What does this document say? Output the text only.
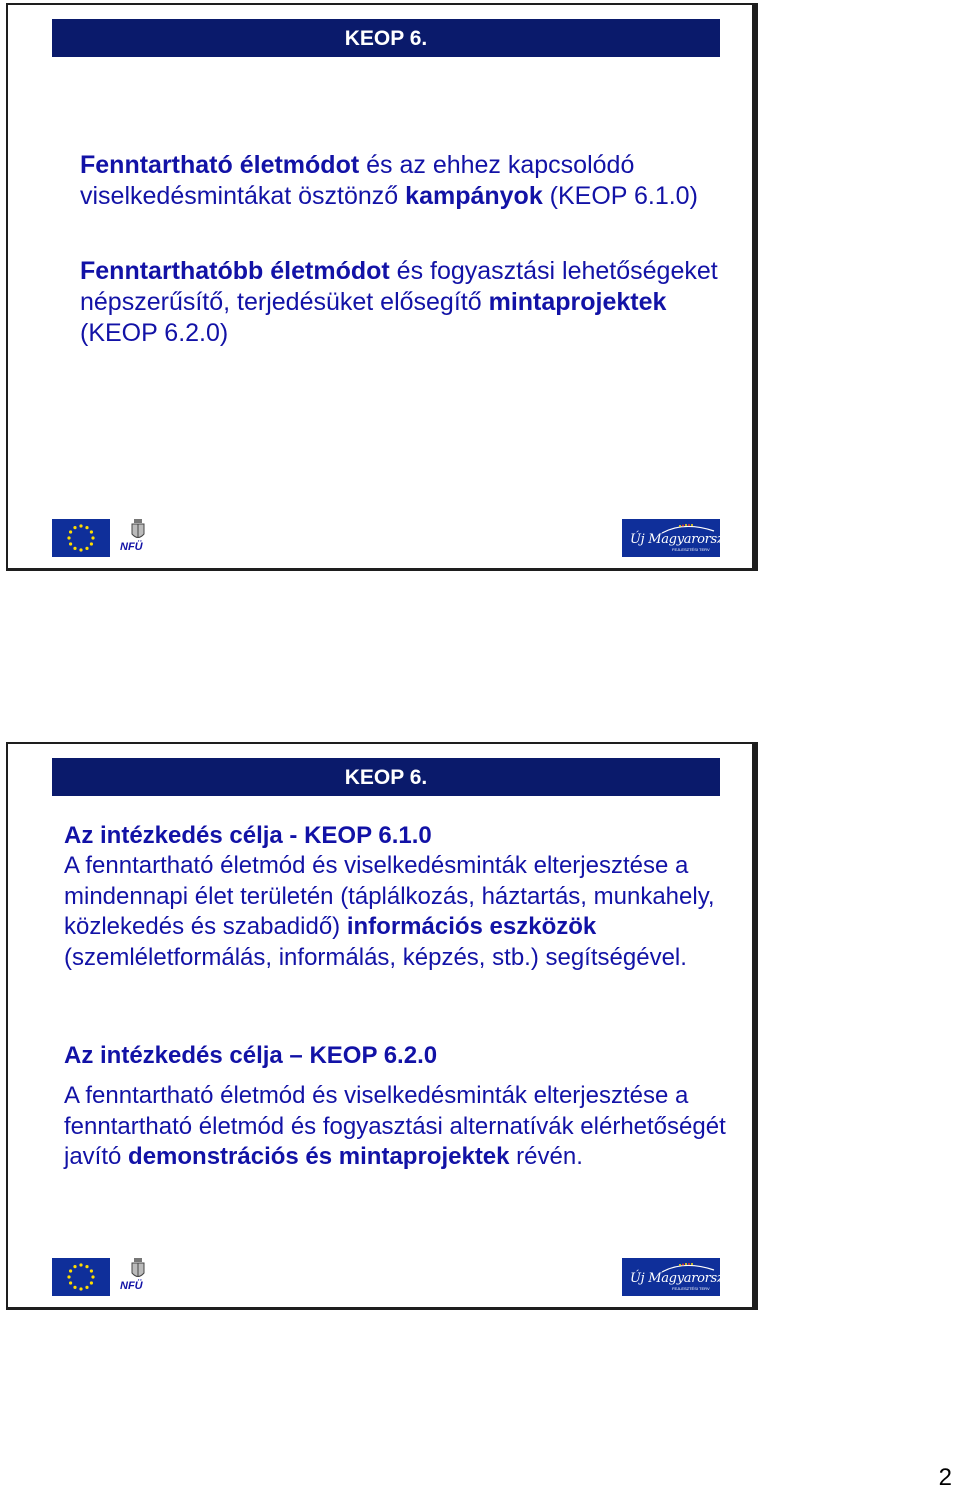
KEOP 6.

Fenntartható életmódot és az ehhez kapcsolódó viselkedésmintákat ösztönző kampányok (KEOP 6.1.0)

Fenntarthatóbb életmódot és fogyasztási lehetőségeket népszerűsítő, terjedésüket elősegítő mintaprojektek (KEOP 6.2.0)

NFÜ	Új Magyarország
FEJLESZTÉSI TERV
KEOP 6.

Az intézkedés célja - KEOP 6.1.0

A fenntartható életmód és viselkedésminták elterjesztése a mindennapi élet területén (táplálkozás, háztartás, munkahely, közlekedés és szabadidő) információs eszközök (szemléletformálás, informálás, képzés, stb.) segítségével.

Az intézkedés célja – KEOP 6.2.0

A fenntartható életmód és viselkedésminták elterjesztése a fenntartható életmód és fogyasztási alternatívák elérhetőségét javító demonstrációs és mintaprojektek révén.

NFÜ	Új Magyarország
FEJLESZTÉSI TERV
2
